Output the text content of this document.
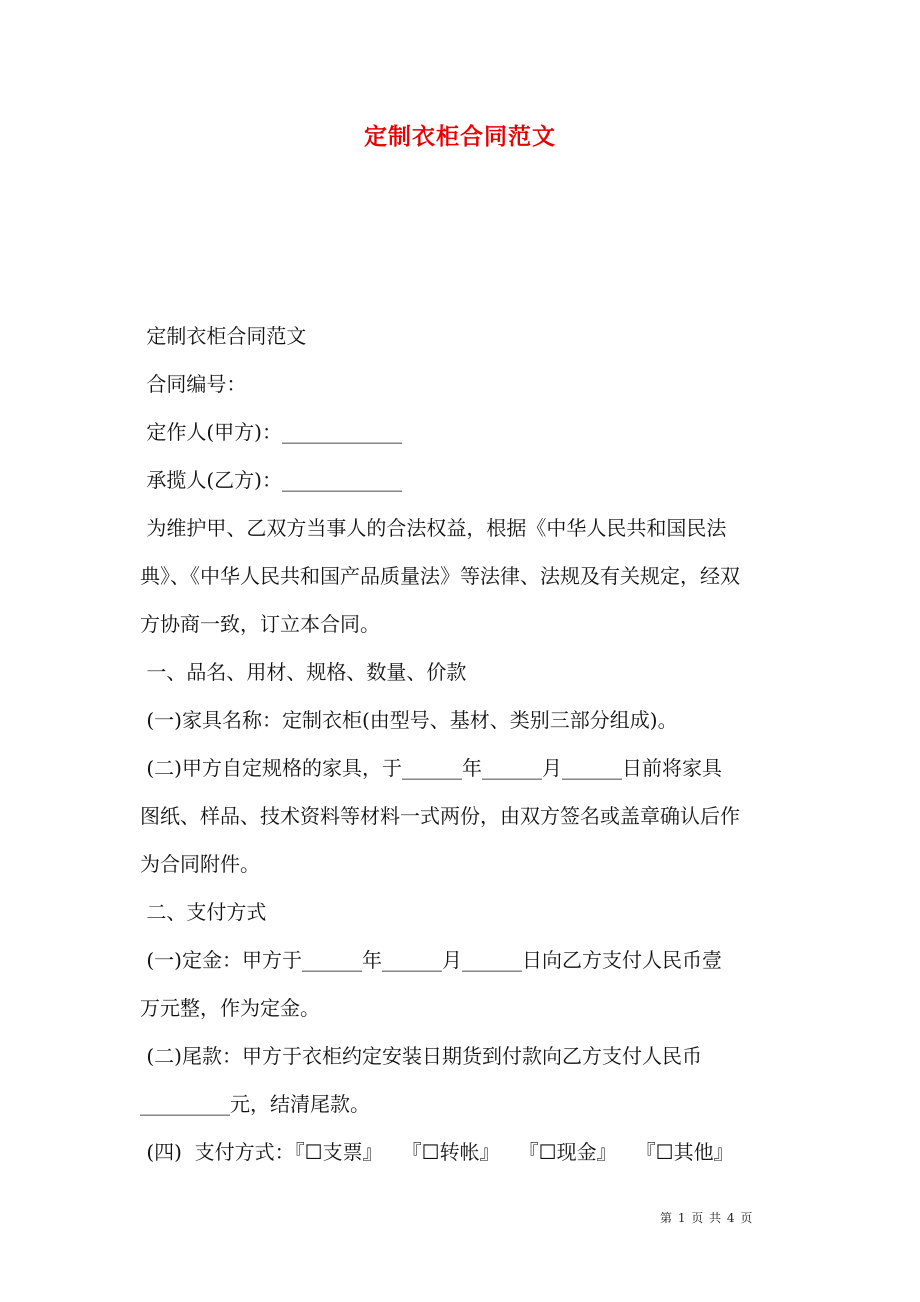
定制衣柜合同范文
定制衣柜合同范文
合同编号：
定作人(甲方)：____________
承揽人(乙方)：____________
为维护甲、乙双方当事人的合法权益，根据《中华人民共和国民法
典》、《中华人民共和国产品质量法》等法律、法规及有关规定，经双
方协商一致，订立本合同。
一、品名、用材、规格、数量、价款
(一)家具名称：定制衣柜(由型号、基材、类别三部分组成)。
(二)甲方自定规格的家具，于______年______月______日前将家具
图纸、样品、技术资料等材料一式两份，由双方签名或盖章确认后作
为合同附件。
二、支付方式
(一)定金：甲方于______年______月______日向乙方支付人民币壹
万元整，作为定金。
(二)尾款：甲方于衣柜约定安装日期货到付款向乙方支付人民币
_________元，结清尾款。
(四)  支付方式：『☐支票』   『☐转帐』   『☐现金』   『☐其他』
第 1 页 共 4 页
